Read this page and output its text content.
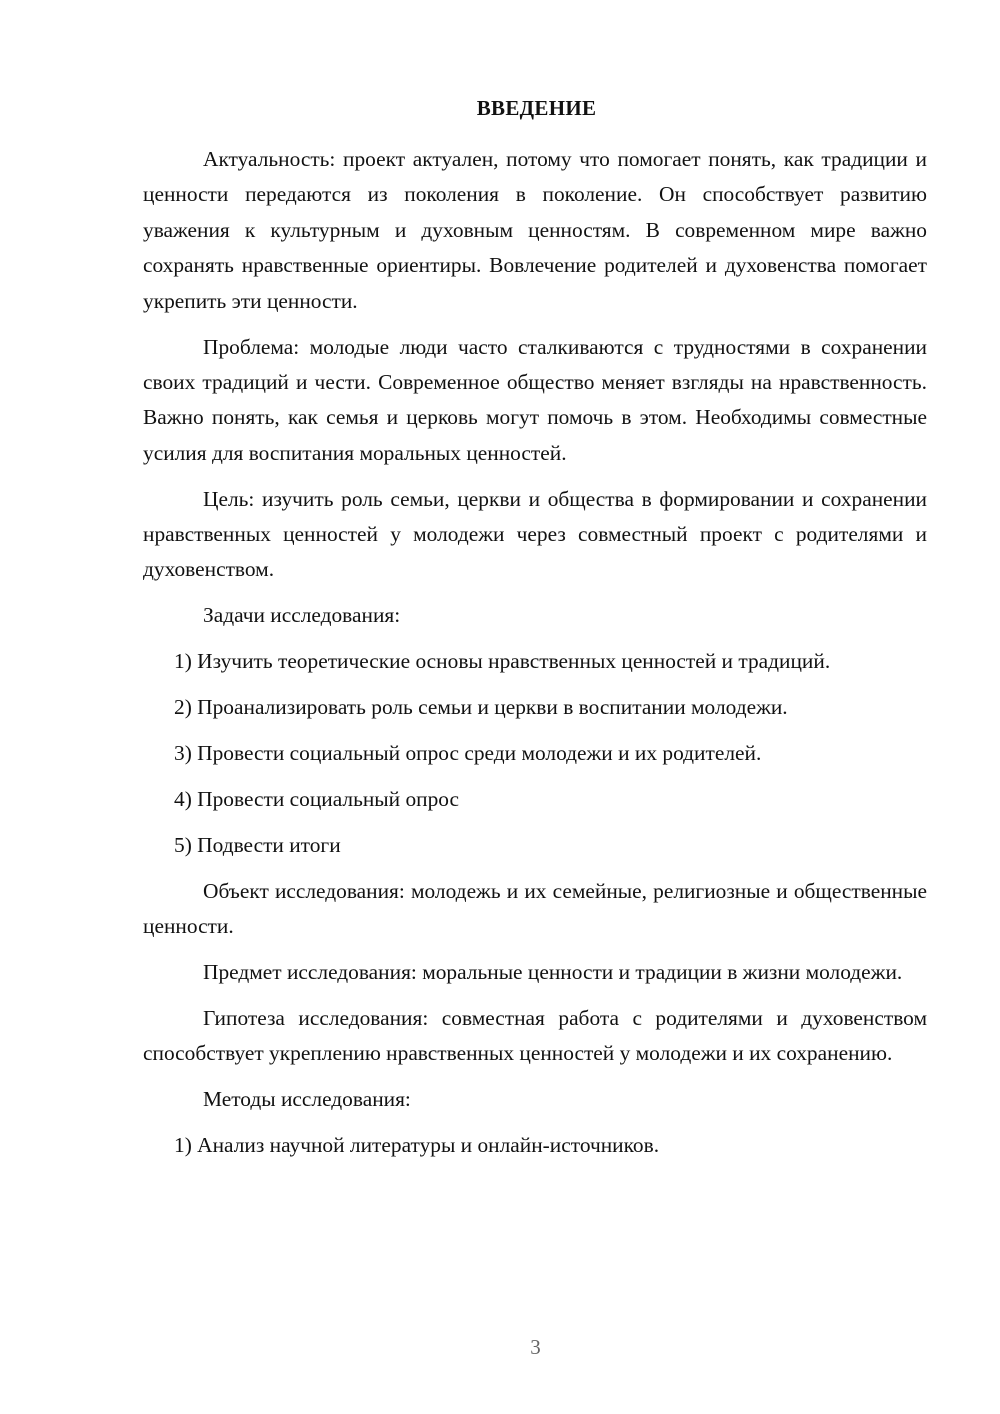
ВВЕДЕНИЕ

Актуальность: проект актуален, потому что помогает понять, как традиции и ценности передаются из поколения в поколение. Он способствует развитию уважения к культурным и духовным ценностям. В современном мире важно сохранять нравственные ориентиры. Вовлечение родителей и духовенства помогает укрепить эти ценности.

Проблема: молодые люди часто сталкиваются с трудностями в сохранении своих традиций и чести. Современное общество меняет взгляды на нравственность. Важно понять, как семья и церковь могут помочь в этом. Необходимы совместные усилия для воспитания моральных ценностей.

Цель: изучить роль семьи, церкви и общества в формировании и сохранении нравственных ценностей у молодежи через совместный проект с родителями и духовенством.

Задачи исследования:

1) Изучить теоретические основы нравственных ценностей и традиций.

2) Проанализировать роль семьи и церкви в воспитании молодежи.

3) Провести социальный опрос среди молодежи и их родителей.

4) Провести социальный опрос

5) Подвести итоги

Объект исследования: молодежь и их семейные, религиозные и общественные ценности.

Предмет исследования: моральные ценности и традиции в жизни молодежи.

Гипотеза исследования: совместная работа с родителями и духовенством способствует укреплению нравственных ценностей у молодежи и их сохранению.

Методы исследования:

1) Анализ научной литературы и онлайн-источников.

3
